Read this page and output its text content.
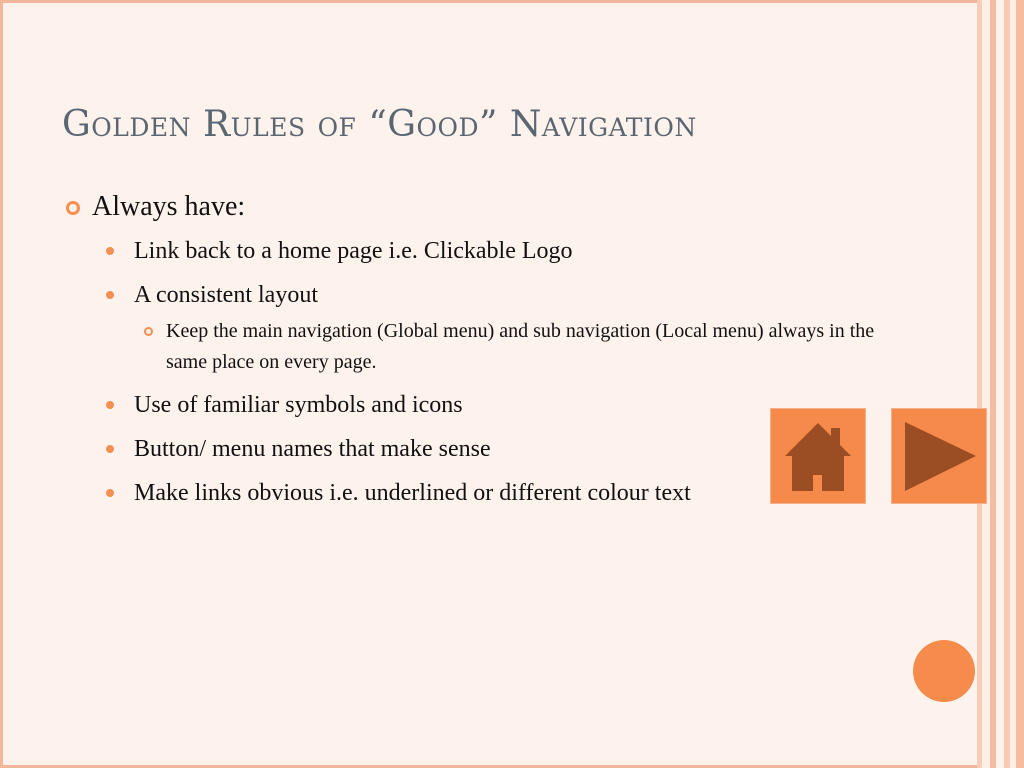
Golden Rules of “Good” Navigation
Always have:
Link back to a home page i.e. Clickable Logo
A consistent layout
Keep the main navigation (Global menu) and sub navigation (Local menu) always in the same place on every page.
Use of familiar symbols and icons
Button/ menu names that make sense
Make links obvious i.e. underlined or different colour text
